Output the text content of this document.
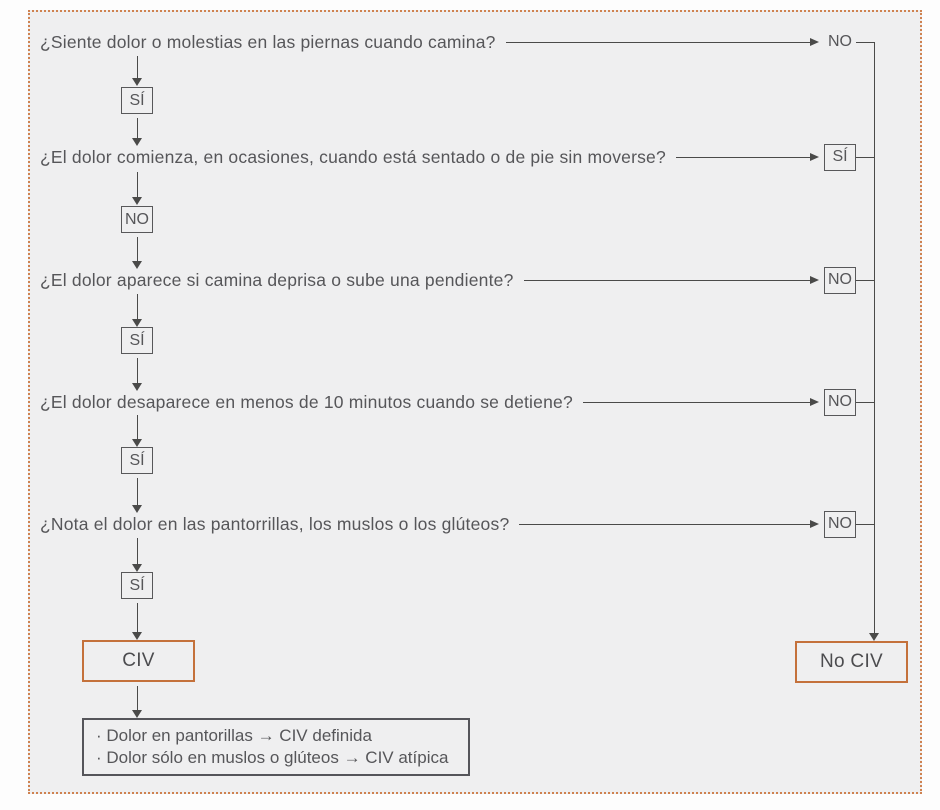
¿Siente dolor o molestias en las piernas cuando camina?	NO
¿El dolor comienza, en ocasiones, cuando está sentado o de pie sin moverse?	SÍ
¿El dolor aparece si camina deprisa o sube una pendiente?	NO
¿El dolor desaparece en menos de 10 minutos cuando se detiene?	NO
¿Nota el dolor en las pantorrillas, los muslos o los glúteos?	NO
SÍ
NO
SÍ
SÍ
SÍ
CIV	No CIV
· Dolor en pantorillas → CIV definida
· Dolor sólo en muslos o glúteos → CIV atípica
